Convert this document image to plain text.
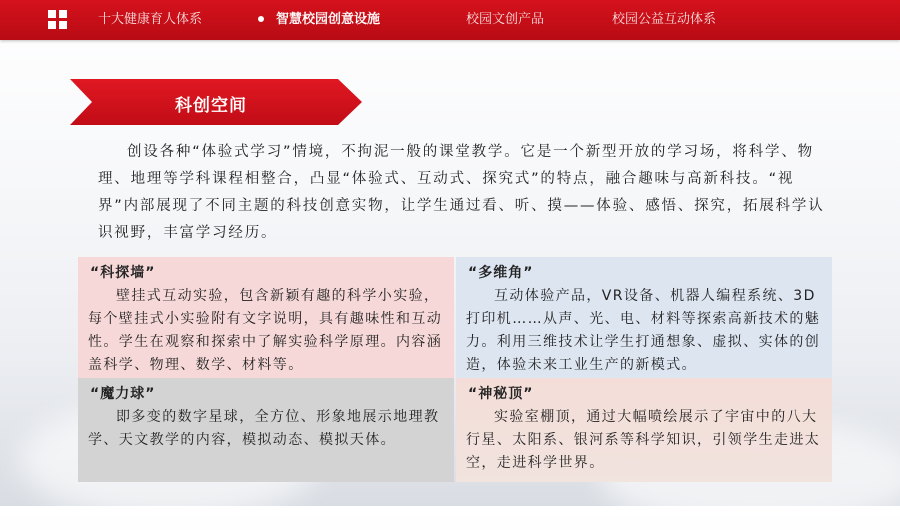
十大健康育人体系	智慧校园创意设施	校园文创产品	校园公益互动体系
科创空间
创设各种“体验式学习”情境，不拘泥一般的课堂教学。它是一个新型开放的学习场，将科学、物理、地理等学科课程相整合，凸显“体验式、互动式、探究式”的特点，融合趣味与高新科技。“视界”内部展现了不同主题的科技创意实物，让学生通过看、听、摸——体验、感悟、探究，拓展科学认识视野，丰富学习经历。
“科探墙”
壁挂式互动实验，包含新颖有趣的科学小实验，每个壁挂式小实验附有文字说明，具有趣味性和互动性。学生在观察和探索中了解实验科学原理。内容涵盖科学、物理、数学、材料等。
“多维角”
互动体验产品，VR设备、机器人编程系统、3D 打印机……从声、光、电、材料等探索高新技术的魅力。利用三维技术让学生打通想象、虚拟、实体的创造，体验未来工业生产的新模式。
“魔力球”
即多变的数字星球，全方位、形象地展示地理教学、天文教学的内容，模拟动态、模拟天体。
“神秘顶”
实验室棚顶，通过大幅喷绘展示了宇宙中的八大行星、太阳系、银河系等科学知识，引领学生走进太空，走进科学世界。
